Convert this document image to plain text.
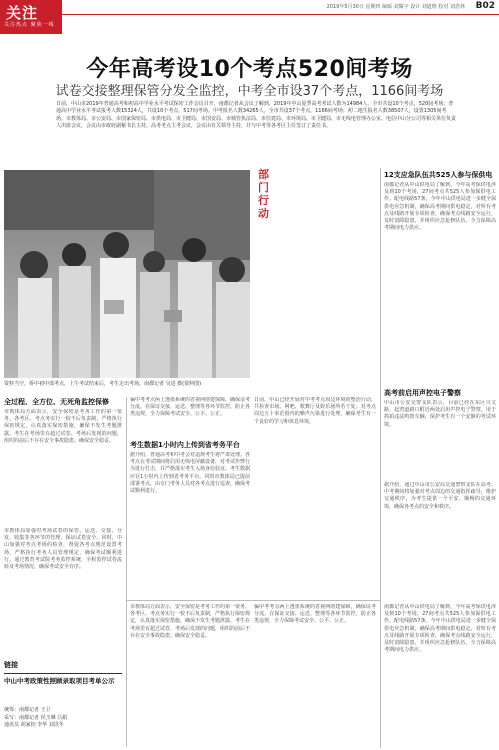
关注
关注热点 聚焦一线
2019年5月30日 星期四 编辑 刘耀宇 设计 刘道维 校对 刘恩林 B02
今年高考设10个考点520间考场
试卷交接整理保管分发全监控，中考全市设37个考点，1166间考场
日前，中山市2019年普通高考和初高中学业水平考试保密工作会议召开，南都记者从会议了解到，2019年中山夏季高考考试人数为14984人，全市共设10个考点，520间考场；普通高中学业水平考试报考人数15324人，共设10个考点，517间考场。中考报名人数34265人，全市共设37个考点，1166间考场；初二地生报名人数38507人，设置1305间考场。市教体局、市公安局、市国家保密局、市供电局、市卫健局、市国安局、市城管执法局、市住建局、市环境局、市卫健局、市无线电管理办公室、电信中山分公司等相关单位负责人出席会议，会议由市政府副秘书长主持。高考考点主考会议，会议由有关领导主持，并与中考等各考区主任签订了责任书。
资料当空，侨中初中部考点，上午考试结束后，考生走出考场。南都记者 吴进 摄(资料图)
全过程、全方位、无死角监控保修
市教体局方面表示，安全保密是考务工作的第一要务。各考区、考点务实行一校不后负责制，严格执行保密规定，认真落实保密措施，确保不发生考题泄露，考生在考场里有超过试卷、考场后发现的问题，组织的前后不存在安全事故隐患。确保安全稳妥。
市教体局加强对考场试卷的保管、运送、交接、分发、收集等各环节的管理，保证试卷安全。同时，中山加强对考点考场的检查，督促各考点规范设置考场，严格执行考务人员管理规定，确保考试顺利进行。通过教育考试院考务监控系统，全程监控试卷流转及考场情况，确保考试安全有序。
骗中考考点两上透墨系统的省视网络建保障，确保证考分流。在保证交接、运送、整理等各环节监控，防止各类违规，全力保障考试安全、公平、公正。
考生数据1小时内上传到省考务平台
据介绍，普通高考和中考会对违规考生将严肃处理。各考点在考试期间将启用无线电屏蔽设备，对考试作弊行为进行打击，并严格落实考生入场身份验证。考生数据应在1小时内上传到省考务平台。同时市教体局已提前部署考点，由专门考务人员对各考点进行巡查，确保考试顺利进行。
日前，中山已经开展对中考考点周边环境的整治行动，共检查市场、网吧、歌舞厅及娱乐场所若干处。对考点周边五十米范围内的噪声污染进行处理，确保考生有一个良好的学习和休息环境。
部门行动
12支应急队伍共525人参与保供电
南都记者从中山供电局了解到，今年高考保供电涉及到10个考场，27间考点共525人参加保供电工作。配电线路57条。今年中山供电局进一步健全保供电应急机制，确保高考期间供电稳定，对所有考点及线路开展专项检查，确保考点线路安全运行，及时消除隐患，并组织应急抢修队伍，全力保障高考期间电力供应。
高考前启用声控电子警察
中山市公安交警支队表示，目前已经在东区兴文路、起湾道路口附近两处启用声控电子警察，用于抓拍违法鸣笛车辆，保护考生有一个安静的考试环境。
据介绍，通过中山市公安局交通警察支队在高考、中考期间将加强对考点周边的交通指挥疏导，维护交通秩序，为考生提供一个平安、顺畅的交通环境，确保各考点的安全和秩序。
市教体局方面表示，安全保密是考务工作的第一要务。各考区、考点务实行一校不后负责制，严格执行保密规定，认真落实保密措施，确保不发生考题泄露，考生在考场里有超过试卷、考场后发现的问题，组织的前后不存在安全事故隐患。确保安全稳妥。
骗中考考点两上透墨系统的省视网络建保障，确保证考分流。在保证交接、运送、整理等各环节监控，防止各类违规，全力保障考试安全、公平、公正。
南都记者从中山供电局了解到，今年高考保供电涉及到10个考场，27间考点共525人参加保供电工作。配电线路57条。今年中山供电局进一步健全保供电应急机制，确保高考期间供电稳定，对所有考点及线路开展专项检查，确保考点线路安全运行，及时消除隐患，并组织应急抢修队伍，全力保障高考期间电力供应。
链接
中山中考政策性照顾录取项目考单公示
统筹：南都记者 王卫
采写：南都记者 侯玉琳 吕娟
通讯员 胡家钧 李华 刘洪冬
